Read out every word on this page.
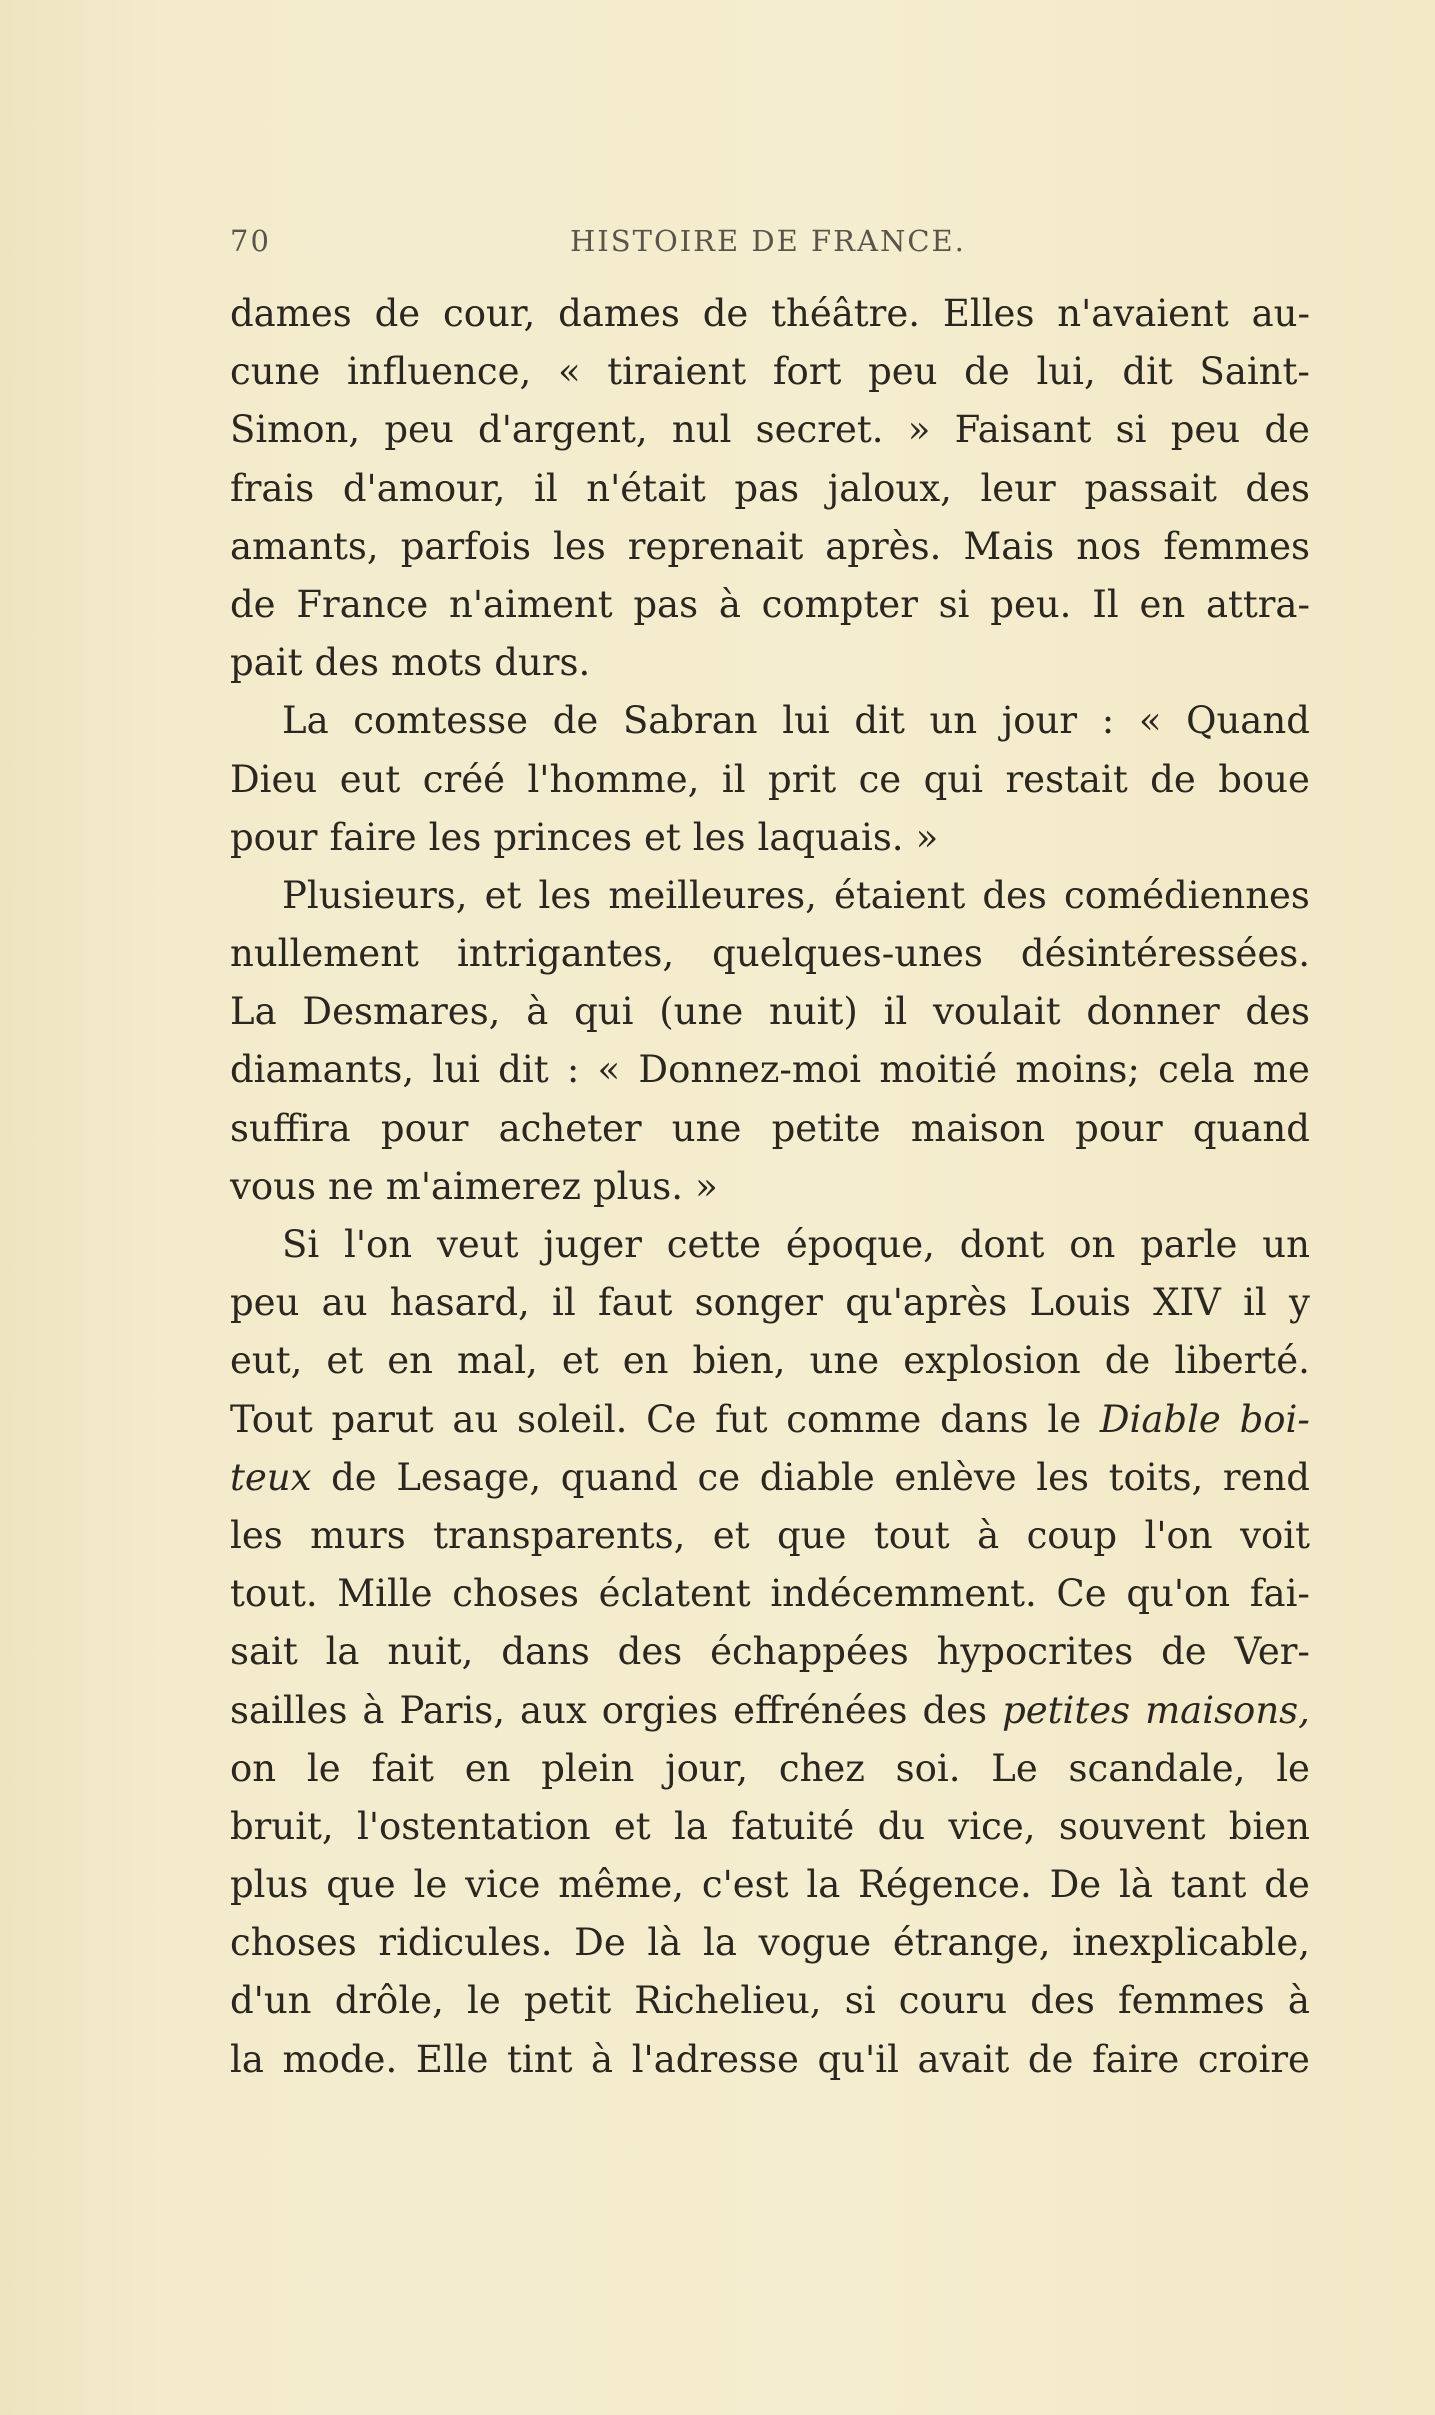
70	HISTOIRE DE FRANCE.
dames de cour, dames de théâtre. Elles n'avaient au-
cune influence, « tiraient fort peu de lui, dit Saint-
Simon, peu d'argent, nul secret. » Faisant si peu de
frais d'amour, il n'était pas jaloux, leur passait des
amants, parfois les reprenait après. Mais nos femmes
de France n'aiment pas à compter si peu. Il en attra-
pait des mots durs.
La comtesse de Sabran lui dit un jour : « Quand
Dieu eut créé l'homme, il prit ce qui restait de boue
pour faire les princes et les laquais. »
Plusieurs, et les meilleures, étaient des comédiennes
nullement intrigantes, quelques-unes désintéressées.
La Desmares, à qui (une nuit) il voulait donner des
diamants, lui dit : « Donnez-moi moitié moins; cela me
suffira pour acheter une petite maison pour quand
vous ne m'aimerez plus. »
Si l'on veut juger cette époque, dont on parle un
peu au hasard, il faut songer qu'après Louis XIV il y
eut, et en mal, et en bien, une explosion de liberté.
Tout parut au soleil. Ce fut comme dans le Diable boi-
teux de Lesage, quand ce diable enlève les toits, rend
les murs transparents, et que tout à coup l'on voit
tout. Mille choses éclatent indécemment. Ce qu'on fai-
sait la nuit, dans des échappées hypocrites de Ver-
sailles à Paris, aux orgies effrénées des petites maisons,
on le fait en plein jour, chez soi. Le scandale, le
bruit, l'ostentation et la fatuité du vice, souvent bien
plus que le vice même, c'est la Régence. De là tant de
choses ridicules. De là la vogue étrange, inexplicable,
d'un drôle, le petit Richelieu, si couru des femmes à
la mode. Elle tint à l'adresse qu'il avait de faire croire
